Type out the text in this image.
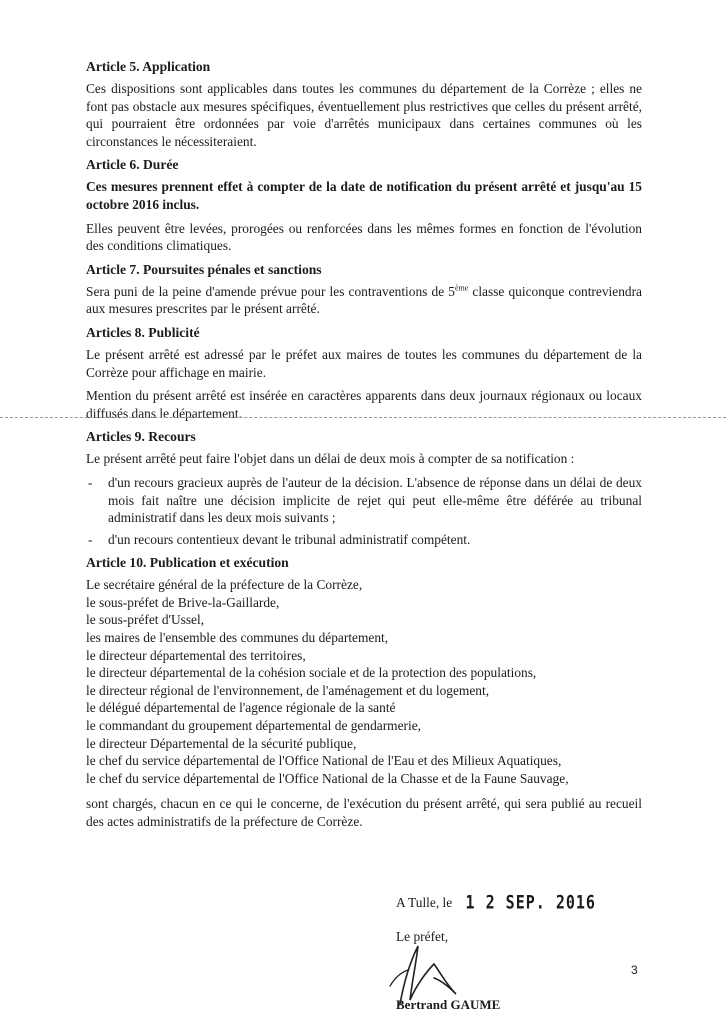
Article 5. Application

Ces dispositions sont applicables dans toutes les communes du département de la Corrèze ; elles ne font pas obstacle aux mesures spécifiques, éventuellement plus restrictives que celles du présent arrêté, qui pourraient être ordonnées par voie d'arrêtés municipaux dans certaines communes où les circonstances le nécessiteraient.

Article 6. Durée

Ces mesures prennent effet à compter de la date de notification du présent arrêté et jusqu'au 15 octobre 2016 inclus.

Elles peuvent être levées, prorogées ou renforcées dans les mêmes formes en fonction de l'évolution des conditions climatiques.

Article 7. Poursuites pénales et sanctions

Sera puni de la peine d'amende prévue pour les contraventions de 5ème classe quiconque contreviendra aux mesures prescrites par le présent arrêté.

Articles 8. Publicité

Le présent arrêté est adressé par le préfet aux maires de toutes les communes du département de la Corrèze pour affichage en mairie.

Mention du présent arrêté est insérée en caractères apparents dans deux journaux régionaux ou locaux diffusés dans le département.

Articles 9. Recours

Le présent arrêté peut faire l'objet dans un délai de deux mois à compter de sa notification :

- d'un recours gracieux auprès de l'auteur de la décision. L'absence de réponse dans un délai de deux mois fait naître une décision implicite de rejet qui peut elle-même être déférée au tribunal administratif dans les deux mois suivants ;
- d'un recours contentieux devant le tribunal administratif compétent.
Article 10. Publication et exécution
Le secrétaire général de la préfecture de la Corrèze,
le sous-préfet de Brive-la-Gaillarde,
le sous-préfet d'Ussel,
les maires de l'ensemble des communes du département,
le directeur départemental des territoires,
le directeur départemental de la cohésion sociale et de la protection des populations,
le directeur régional de l'environnement, de l'aménagement et du logement,
le délégué départemental de l'agence régionale de la santé
le commandant du groupement départemental de gendarmerie,
le directeur Départemental de la sécurité publique,
le chef du service départemental de l'Office National de l'Eau et des Milieux Aquatiques,
le chef du service départemental de l'Office National de la Chasse et de la Faune Sauvage,

sont chargés, chacun en ce qui le concerne, de l'exécution du présent arrêté, qui sera publié au recueil des actes administratifs de la préfecture de Corrèze.

A Tulle, le 1 2 SEP. 2016
Le préfet,
Bertrand GAUME
3
